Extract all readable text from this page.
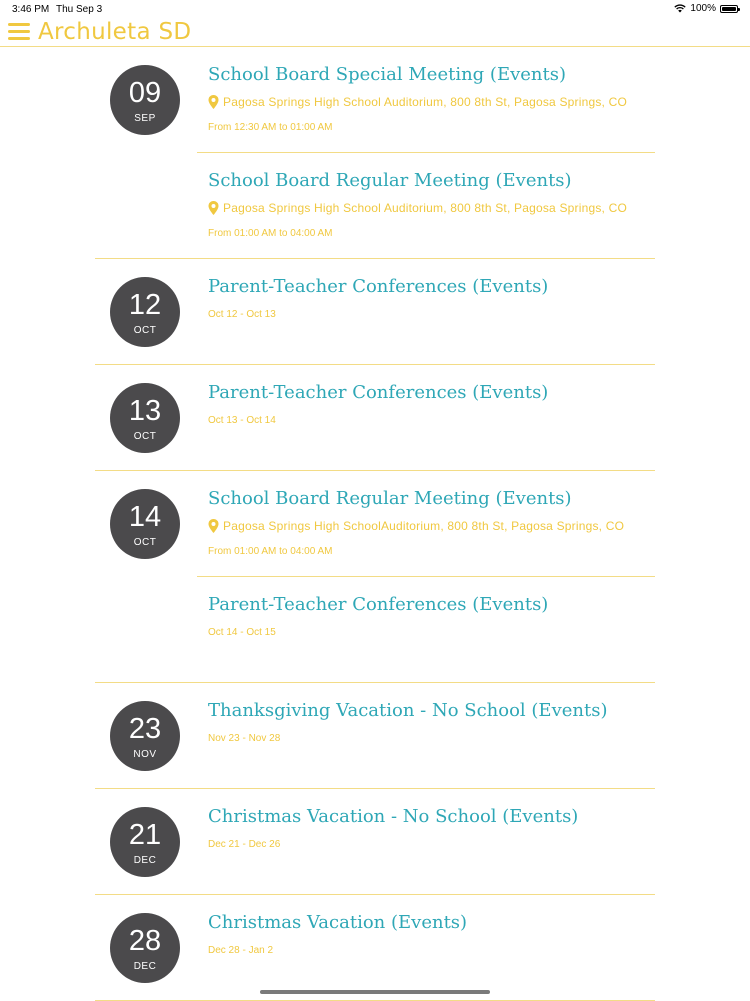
3:46 PM Thu Sep 3	100%
Archuleta SD
09
SEP
School Board Special Meeting (Events)
Pagosa Springs High School Auditorium, 800 8th St, Pagosa Springs, CO
From 12:30 AM to 01:00 AM
School Board Regular Meeting (Events)
Pagosa Springs High School Auditorium, 800 8th St, Pagosa Springs, CO
From 01:00 AM to 04:00 AM
12
OCT
Parent-Teacher Conferences (Events)
Oct 12 - Oct 13
13
OCT
Parent-Teacher Conferences (Events)
Oct 13 - Oct 14
14
OCT
School Board Regular Meeting (Events)
Pagosa Springs High SchoolAuditorium, 800 8th St, Pagosa Springs, CO
From 01:00 AM to 04:00 AM
Parent-Teacher Conferences (Events)
Oct 14 - Oct 15
23
NOV
Thanksgiving Vacation - No School (Events)
Nov 23 - Nov 28
21
DEC
Christmas Vacation - No School (Events)
Dec 21 - Dec 26
28
DEC
Christmas Vacation (Events)
Dec 28 - Jan 2
